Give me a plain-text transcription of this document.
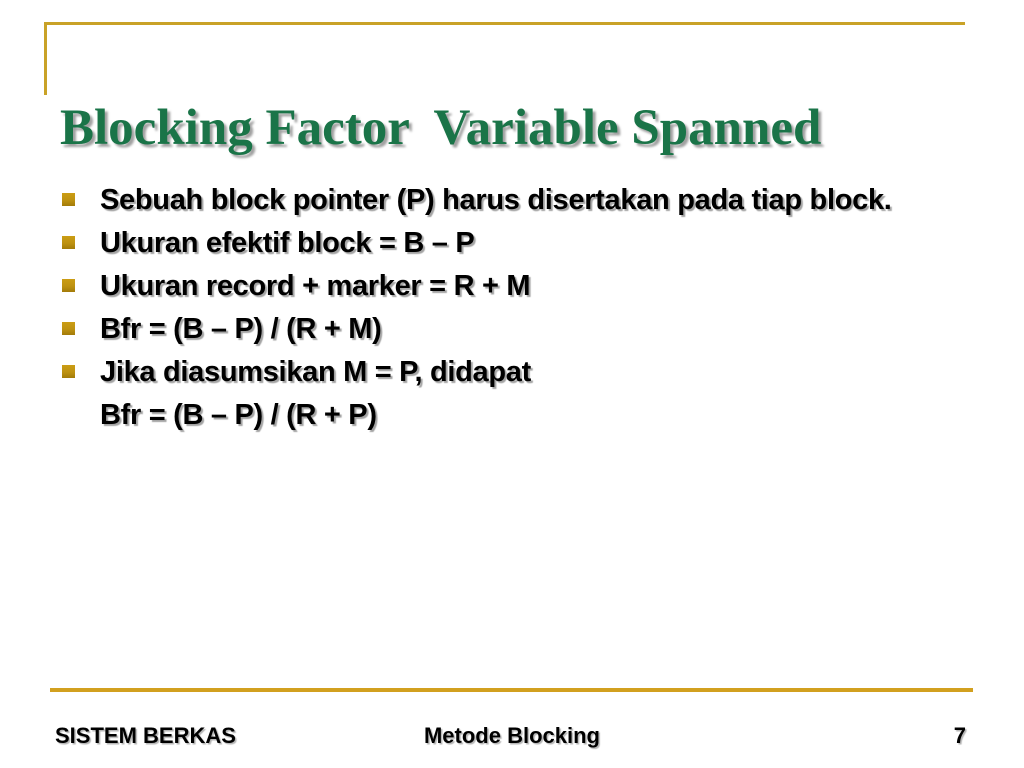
Blocking Factor  Variable Spanned
Sebuah block pointer (P) harus disertakan pada tiap block.
Ukuran efektif block = B – P
Ukuran record + marker = R + M
Bfr = (B – P) / (R + M)
Jika diasumsikan M = P, didapat
Bfr = (B – P) / (R + P)
SISTEM BERKAS	Metode Blocking	7
